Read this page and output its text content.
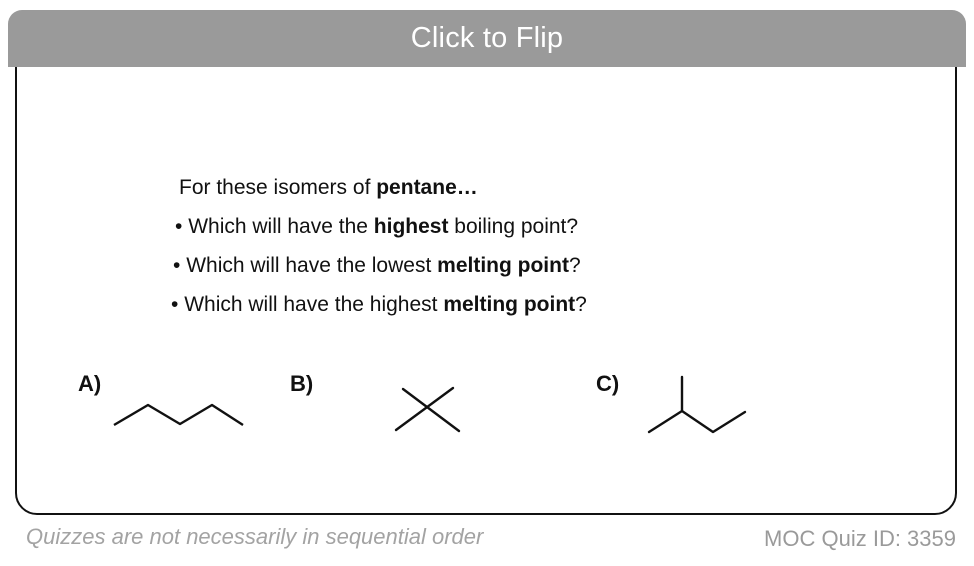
Click to Flip
For these isomers of pentane…
• Which will have the highest boiling point?
• Which will have the lowest melting point?
• Which will have the highest melting point?
A)	B)	C)
Quizzes are not necessarily in sequential order	MOC Quiz ID: 3359
